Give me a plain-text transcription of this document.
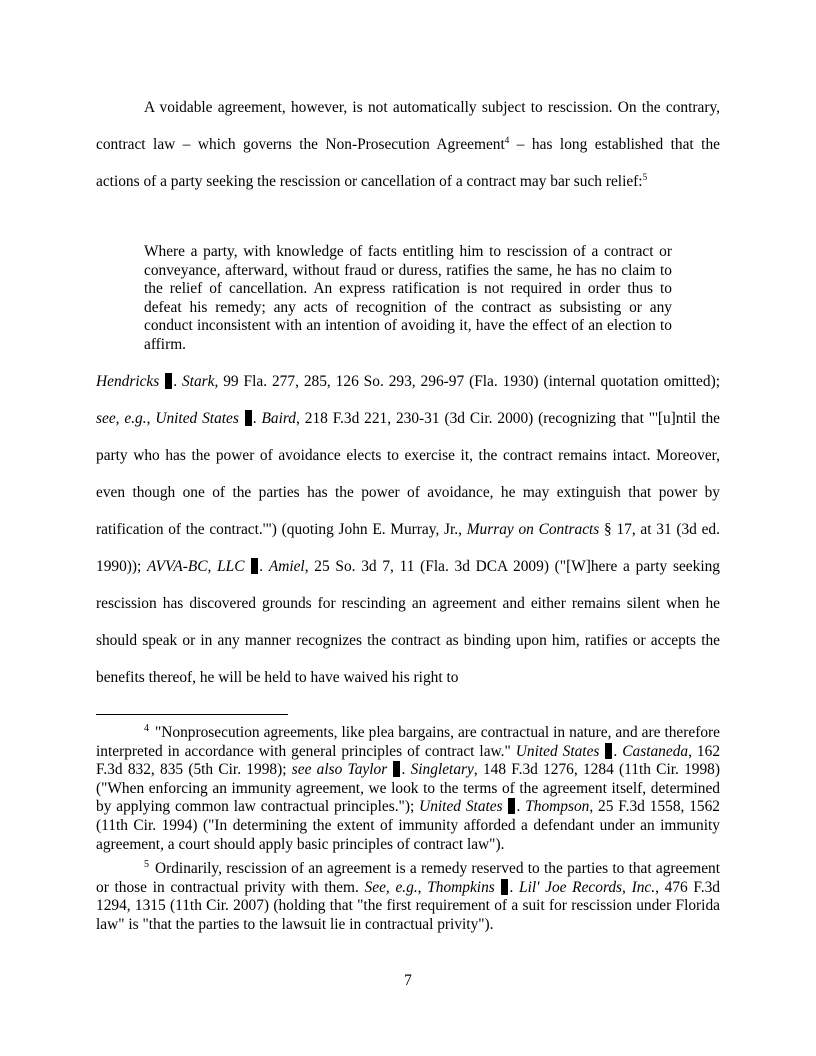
A voidable agreement, however, is not automatically subject to rescission. On the contrary, contract law – which governs the Non-Prosecution Agreement$^4$ – has long established that the actions of a party seeking the rescission or cancellation of a contract may bar such relief:$^5$

Where a party, with knowledge of facts entitling him to rescission of a contract or conveyance, afterward, without fraud or duress, ratifies the same, he has no claim to the relief of cancellation. An express ratification is not required in order thus to defeat his remedy; any acts of recognition of the contract as subsisting or any conduct inconsistent with an intention of avoiding it, have the effect of an election to affirm.
Hendricks . Stark, 99 Fla. 277, 285, 126 So. 293, 296-97 (Fla. 1930) (internal quotation omitted); see, e.g., United States . Baird, 218 F.3d 221, 230-31 (3d Cir. 2000) (recognizing that "'[u]ntil the party who has the power of avoidance elects to exercise it, the contract remains intact. Moreover, even though one of the parties has the power of avoidance, he may extinguish that power by ratification of the contract.'") (quoting John E. Murray, Jr., Murray on Contracts § 17, at 31 (3d ed. 1990)); AVVA-BC, LLC . Amiel, 25 So. 3d 7, 11 (Fla. 3d DCA 2009) ("[W]here a party seeking rescission has discovered grounds for rescinding an agreement and either remains silent when he should speak or in any manner recognizes the contract as binding upon him, ratifies or accepts the benefits thereof, he will be held to have waived his right to

$^4$ "Nonprosecution agreements, like plea bargains, are contractual in nature, and are therefore interpreted in accordance with general principles of contract law." United States . Castaneda, 162 F.3d 832, 835 (5th Cir. 1998); see also Taylor . Singletary, 148 F.3d 1276, 1284 (11th Cir. 1998) ("When enforcing an immunity agreement, we look to the terms of the agreement itself, determined by applying common law contractual principles."); United States . Thompson, 25 F.3d 1558, 1562 (11th Cir. 1994) ("In determining the extent of immunity afforded a defendant under an immunity agreement, a court should apply basic principles of contract law").

$^5$ Ordinarily, rescission of an agreement is a remedy reserved to the parties to that agreement or those in contractual privity with them. See, e.g., Thompkins . Lil' Joe Records, Inc., 476 F.3d 1294, 1315 (11th Cir. 2007) (holding that "the first requirement of a suit for rescission under Florida law" is "that the parties to the lawsuit lie in contractual privity").

7
